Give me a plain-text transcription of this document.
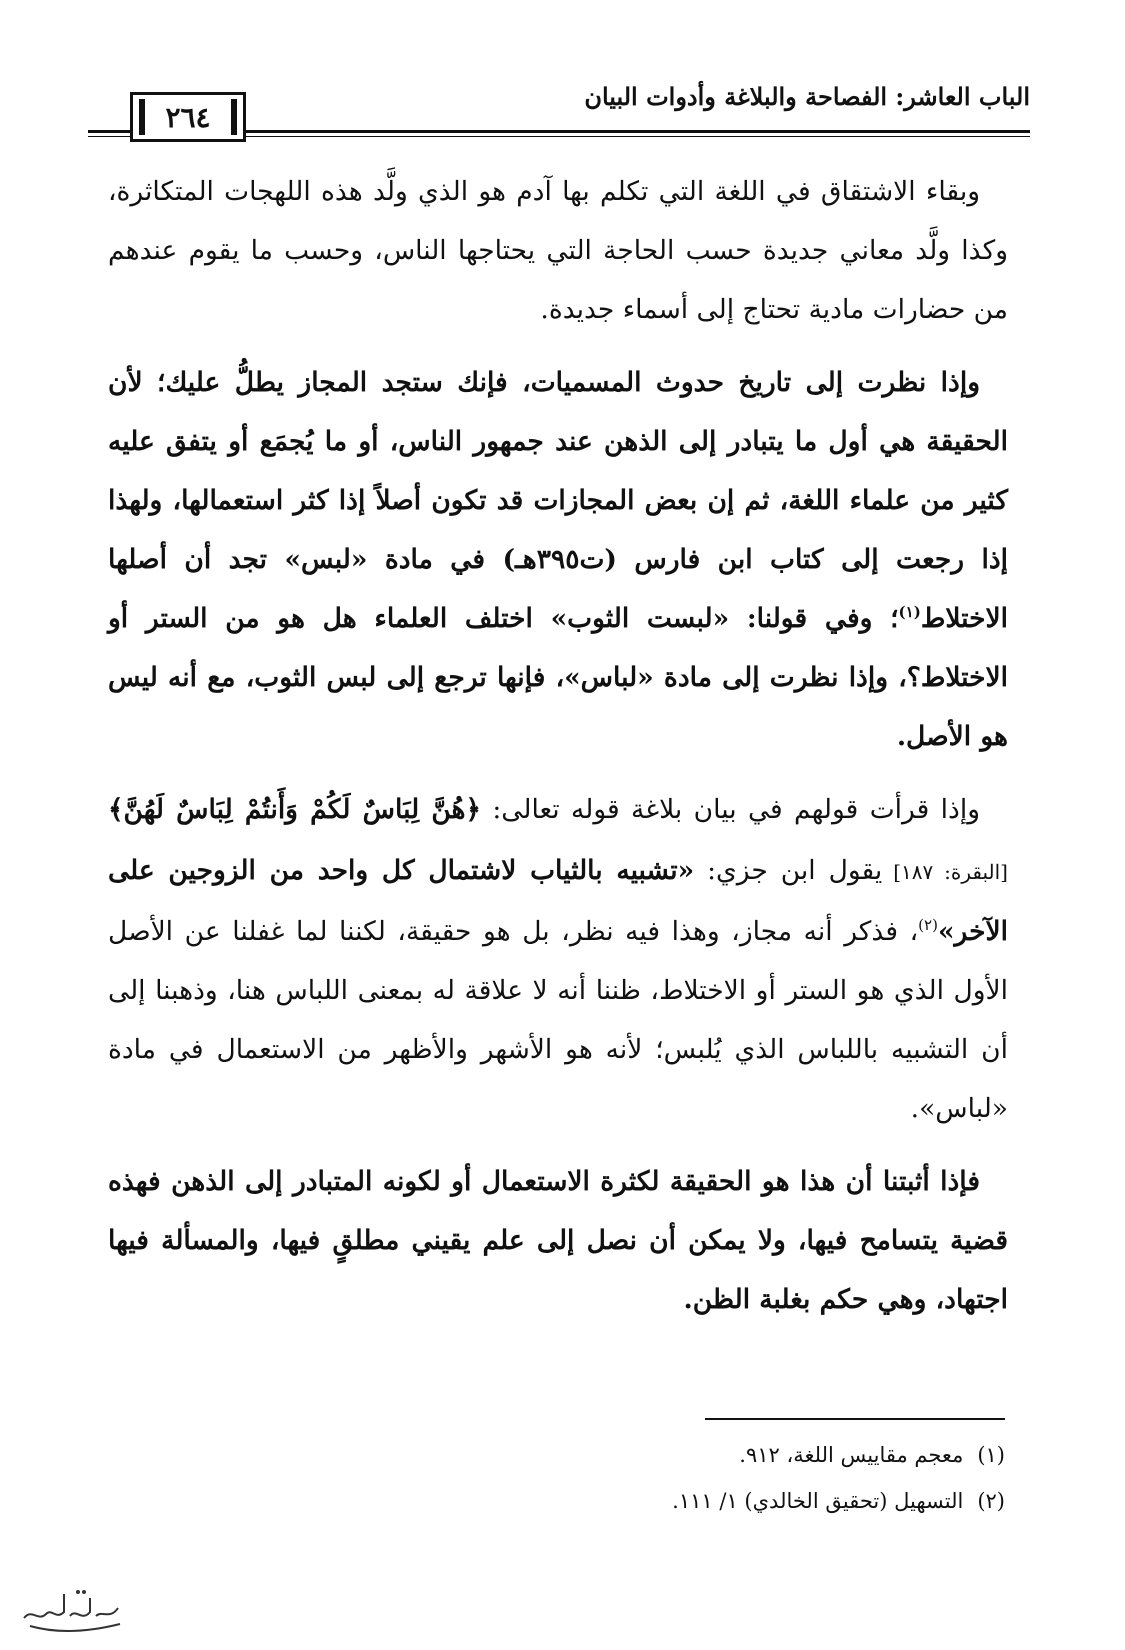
الباب العاشر: الفصاحة والبلاغة وأدوات البيان
٢٦٤

وبقاء الاشتقاق في اللغة التي تكلم بها آدم هو الذي ولَّد هذه اللهجات المتكاثرة، وكذا ولَّد معاني جديدة حسب الحاجة التي يحتاجها الناس، وحسب ما يقوم عندهم من حضارات مادية تحتاج إلى أسماء جديدة.

وإذا نظرت إلى تاريخ حدوث المسميات، فإنك ستجد المجاز يطلُّ عليك؛ لأن الحقيقة هي أول ما يتبادر إلى الذهن عند جمهور الناس، أو ما يُجمَع أو يتفق عليه كثير من علماء اللغة، ثم إن بعض المجازات قد تكون أصلاً إذا كثر استعمالها، ولهذا إذا رجعت إلى كتاب ابن فارس (ت٣٩٥هـ) في مادة «لبس» تجد أن أصلها الاختلاط$^{(١)}$؛ وفي قولنا: «لبست الثوب» اختلف العلماء هل هو من الستر أو الاختلاط؟، وإذا نظرت إلى مادة «لباس»، فإنها ترجع إلى لبس الثوب، مع أنه ليس هو الأصل.

وإذا قرأت قولهم في بيان بلاغة قوله تعالى: ﴿هُنَّ لِبَاسٌ لَكُمْ وَأَنتُمْ لِبَاسٌ لَهُنَّ﴾ [البقرة: ١٨٧] يقول ابن جزي: «تشبيه بالثياب لاشتمال كل واحد من الزوجين على الآخر»$^{(٢)}$، فذكر أنه مجاز، وهذا فيه نظر، بل هو حقيقة، لكننا لما غفلنا عن الأصل الأول الذي هو الستر أو الاختلاط، ظننا أنه لا علاقة له بمعنى اللباس هنا، وذهبنا إلى أن التشبيه باللباس الذي يُلبس؛ لأنه هو الأشهر والأظهر من الاستعمال في مادة «لباس».

فإذا أثبتنا أن هذا هو الحقيقة لكثرة الاستعمال أو لكونه المتبادر إلى الذهن فهذه قضية يتسامح فيها، ولا يمكن أن نصل إلى علم يقيني مطلقٍ فيها، والمسألة فيها اجتهاد، وهي حكم بغلبة الظن.

(١)معجم مقاييس اللغة، ٩١٢.
(٢)التسهيل (تحقيق الخالدي) ١/ ١١١.
